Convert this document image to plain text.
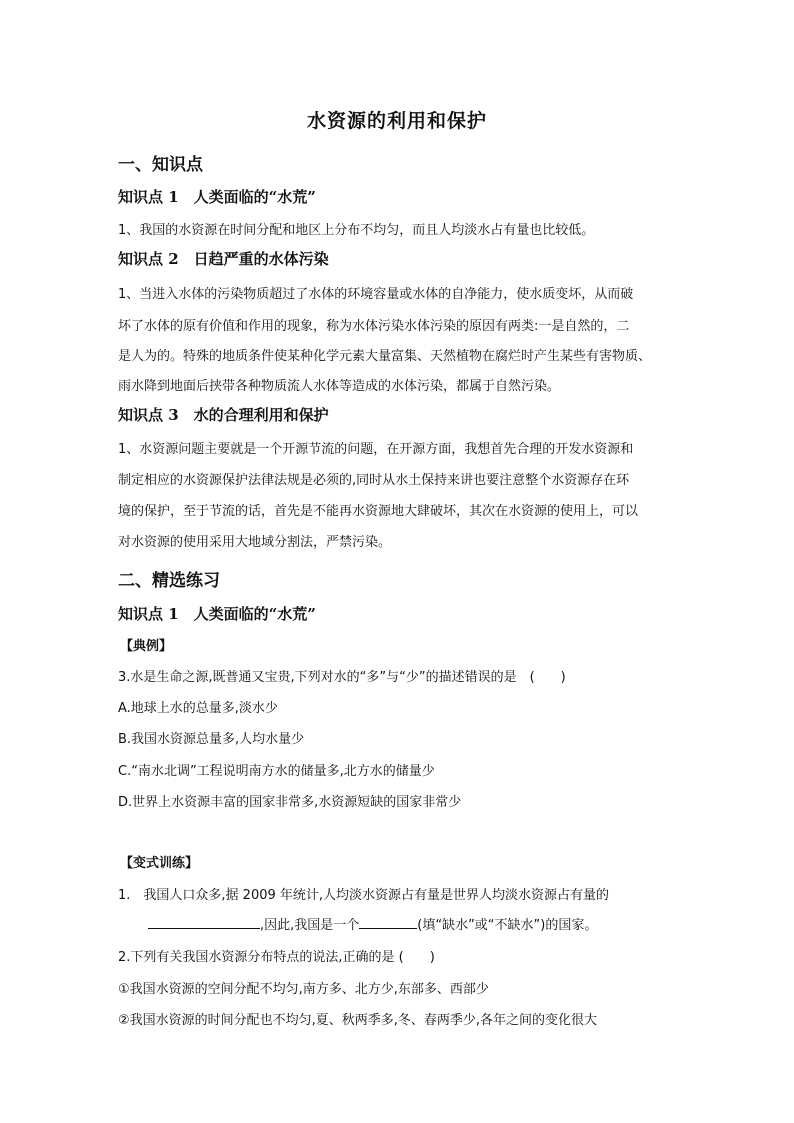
水资源的利用和保护
一、知识点
知识点 1　人类面临的“水荒”
1、我国的水资源在时间分配和地区上分布不均匀，而且人均淡水占有量也比较低。
知识点 2　日趋严重的水体污染
1、当进入水体的污染物质超过了水体的环境容量或水体的自净能力，使水质变坏，从而破
坏了水体的原有价值和作用的现象，称为水体污染水体污染的原因有两类:一是自然的，二
是人为的。特殊的地质条件使某种化学元素大量富集、天然植物在腐烂时产生某些有害物质、
雨水降到地面后挟带各种物质流人水体等造成的水体污染，都属于自然污染。
知识点 3　水的合理利用和保护
1、水资源问题主要就是一个开源节流的问题，在开源方面，我想首先合理的开发水资源和
制定相应的水资源保护法律法规是必须的,同时从水土保持来讲也要注意整个水资源存在环
境的保护，至于节流的话，首先是不能再水资源地大肆破坏，其次在水资源的使用上，可以
对水资源的使用采用大地域分割法，严禁污染。
二、精选练习
知识点 1　人类面临的“水荒”
【典例】
3.水是生命之源,既普通又宝贵,下列对水的“多”与“少”的描述错误的是　(　　)
A.地球上水的总量多,淡水少
B.我国水资源总量多,人均水量少
C.“南水北调”工程说明南方水的储量多,北方水的储量少
D.世界上水资源丰富的国家非常多,水资源短缺的国家非常少
【变式训练】
1.　我国人口众多,据 2009 年统计,人均淡水资源占有量是世界人均淡水资源占有量的
,因此,我国是一个	(填“缺水”或“不缺水”)的国家。
2.下列有关我国水资源分布特点的说法,正确的是 (　　)
①我国水资源的空间分配不均匀,南方多、北方少,东部多、西部少
②我国水资源的时间分配也不均匀,夏、秋两季多,冬、春两季少,各年之间的变化很大
